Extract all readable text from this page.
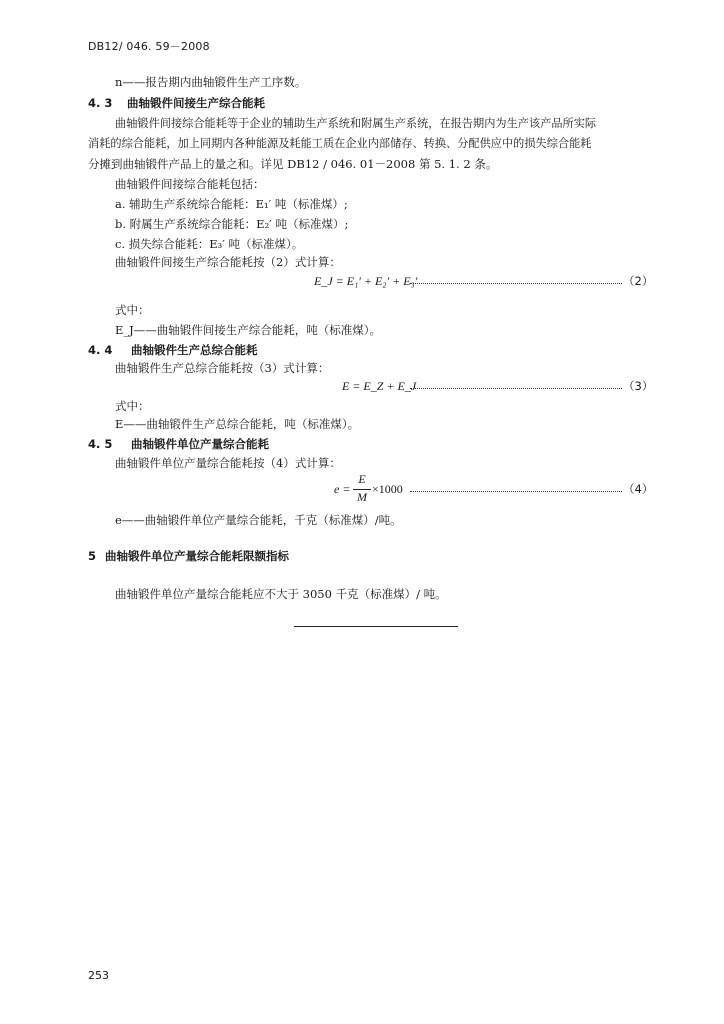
DB12/ 046. 59－2008
n——报告期内曲轴锻件生产工序数。
4. 3 曲轴锻件间接生产综合能耗
曲轴锻件间接综合能耗等于企业的辅助生产系统和附属生产系统，在报告期内为生产该产品所实际
消耗的综合能耗，加上同期内各种能源及耗能工质在企业内部储存、转换、分配供应中的损失综合能耗
分摊到曲轴锻件产品上的量之和。详见 DB12 / 046. 01－2008 第 5. 1. 2 条。
曲轴锻件间接综合能耗包括：
a. 辅助生产系统综合能耗：E₁′ 吨（标准煤）;
b. 附属生产系统综合能耗：E₂′ 吨（标准煤）;
c. 损失综合能耗：E₃′ 吨（标准煤）。
曲轴锻件间接生产综合能耗按（2）式计算：
E_J = E₁′ + E₂′ + E₃′	（2）
式中：
E_J——曲轴锻件间接生产综合能耗，吨（标准煤）。
4. 4 曲轴锻件生产总综合能耗
曲轴锻件生产总综合能耗按（3）式计算：
E = E_Z + E_J	（3）
式中：
E——曲轴锻件生产总综合能耗，吨（标准煤）。
4. 5 曲轴锻件单位产量综合能耗
曲轴锻件单位产量综合能耗按（4）式计算：
e =
E
M
×1000	（4）
e——曲轴锻件单位产量综合能耗，千克（标准煤）/吨。
5 曲轴锻件单位产量综合能耗限额指标
曲轴锻件单位产量综合能耗应不大于 3050 千克（标准煤）/ 吨。
253
